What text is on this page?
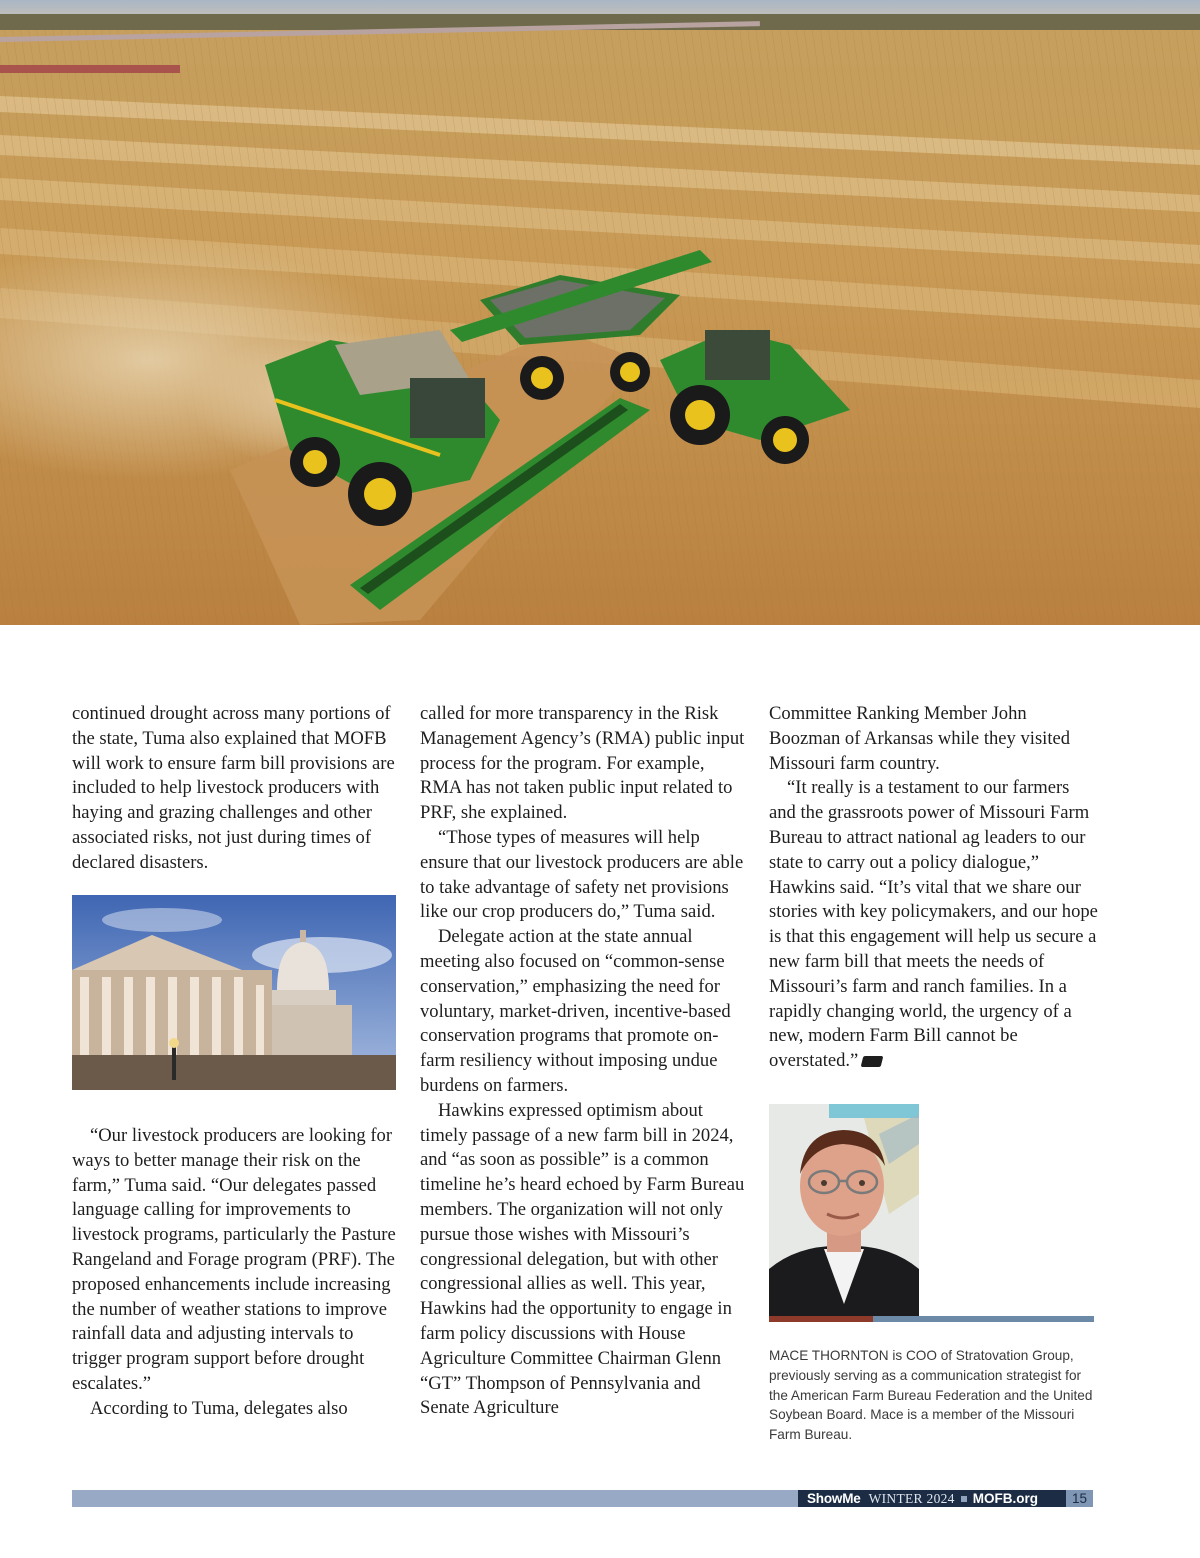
continued drought across many portions of the state, Tuma also explained that MOFB will work to ensure farm bill provisions are included to help livestock producers with haying and grazing challenges and other associated risks, not just during times of declared disasters.

“Our livestock producers are looking for ways to better manage their risk on the farm,” Tuma said. “Our delegates passed language calling for improvements to livestock programs, particularly the Pasture Rangeland and Forage program (PRF). The proposed enhancements include increasing the number of weather stations to improve rainfall data and adjusting intervals to trigger program support before drought escalates.”

According to Tuma, delegates also

called for more transparency in the Risk Management Agency’s (RMA) public input process for the program. For example, RMA has not taken public input related to PRF, she explained.

“Those types of measures will help ensure that our livestock producers are able to take advantage of safety net provisions like our crop producers do,” Tuma said.

Delegate action at the state annual meeting also focused on “common-sense conservation,” emphasizing the need for voluntary, market-driven, incentive-based conservation programs that promote on-farm resiliency without imposing undue burdens on farmers.

Hawkins expressed optimism about timely passage of a new farm bill in 2024, and “as soon as possible” is a common timeline he’s heard echoed by Farm Bureau members. The organization will not only pursue those wishes with Missouri’s congressional delegation, but with other congressional allies as well. This year, Hawkins had the opportunity to engage in farm policy discussions with House Agriculture Committee Chairman Glenn “GT” Thompson of Pennsylvania and Senate Agriculture

Committee Ranking Member John Boozman of Arkansas while they visited Missouri farm country.

“It really is a testament to our farmers and the grassroots power of Missouri Farm Bureau to attract national ag leaders to our state to carry out a policy dialogue,” Hawkins said. “It’s vital that we share our stories with key policymakers, and our hope is that this engagement will help us secure a new farm bill that meets the needs of Missouri’s farm and ranch families. In a rapidly changing world, the urgency of a new, modern Farm Bill cannot be overstated.”

MACE THORNTON is COO of Stratovation Group, previously serving as a communication strategist for the American Farm Bureau Federation and the United Soybean Board. Mace is a member of the Missouri Farm Bureau.
ShowMe WINTER 2024 MOFB.org	15
